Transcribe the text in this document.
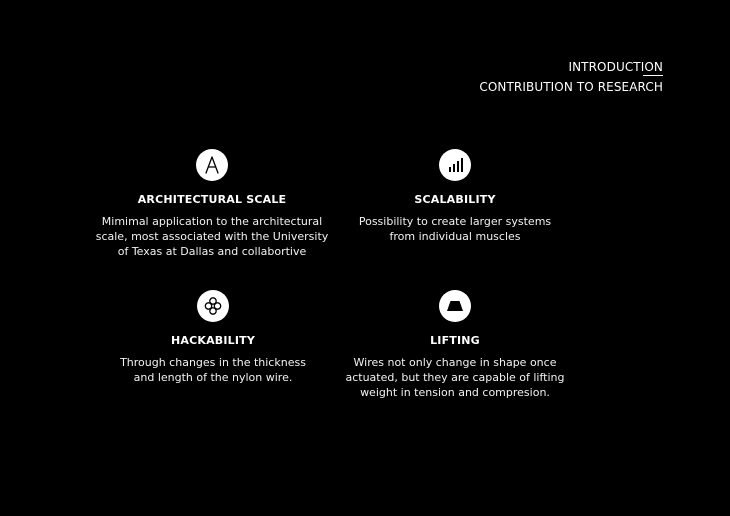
INTRODUCTION
CONTRIBUTION TO RESEARCH
ARCHITECTURAL SCALE
Mimimal application to the architectural
scale, most associated with the University
of Texas at Dallas and collabortive
SCALABILITY
Possibility to create larger systems
from individual muscles
HACKABILITY
Through changes in the thickness
and length of the nylon wire.
LIFTING
Wires not only change in shape once
actuated, but they are capable of lifting
weight in tension and compresion.
